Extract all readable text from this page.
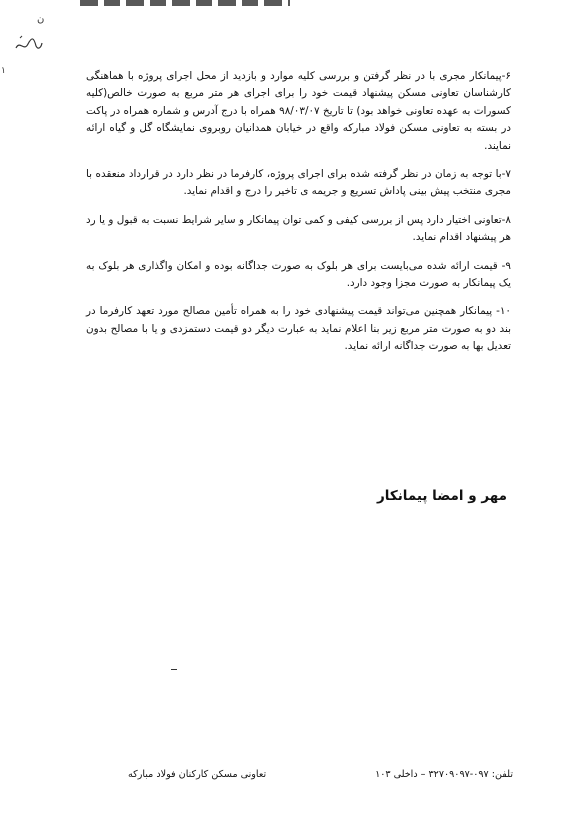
ﻥ
۱	۶-پیمانکار مجری با در نظر گرفتن و بررسی کلیه موارد و بازدید از محل اجرای پروژه با هماهنگی کارشناسان تعاونی مسکن پیشنهاد قیمت خود را برای اجرای هر متر مربع به صورت خالص(کلیه کسورات به عهده تعاونی خواهد بود) تا تاریخ ۹۸/۰۳/۰۷ همراه با درج آدرس و شماره همراه در پاکت در بسته به تعاونی مسکن فولاد مبارکه واقع در خیابان همدانیان روبروی نمایشگاه گل و گیاه ارائه نمایند.

۷-با توجه به زمان در نظر گرفته شده برای اجرای پروژه، کارفرما در نظر دارد در قرارداد منعقده با مجری منتخب پیش بینی پاداش تسریع و جریمه ی تاخیر را درج و اقدام نماید.

۸-تعاونی اختیار دارد پس از بررسی کیفی و کمی توان پیمانکار و سایر شرایط نسبت به قبول و یا رد هر پیشنهاد اقدام نماید.

۹- قیمت ارائه شده می‌بایست برای هر بلوک به صورت جداگانه بوده و امکان واگذاری هر بلوک به یک پیمانکار به صورت مجزا وجود دارد.

۱۰- پیمانکار همچنین می‌تواند قیمت پیشنهادی خود را به همراه تأمین مصالح مورد تعهد کارفرما در بند دو به صورت متر مربع زیر بنا اعلام نماید به عبارت دیگر دو قیمت دستمزدی و یا با مصالح بدون تعدیل بها به صورت جداگانه ارائه نماید.

مهر و امضا پیمانکار
تلفن: ۰۹۷-۳۲۷۰۹۰۹۷ – داخلی ۱۰۳
تعاونی مسکن کارکنان فولاد مبارکه
